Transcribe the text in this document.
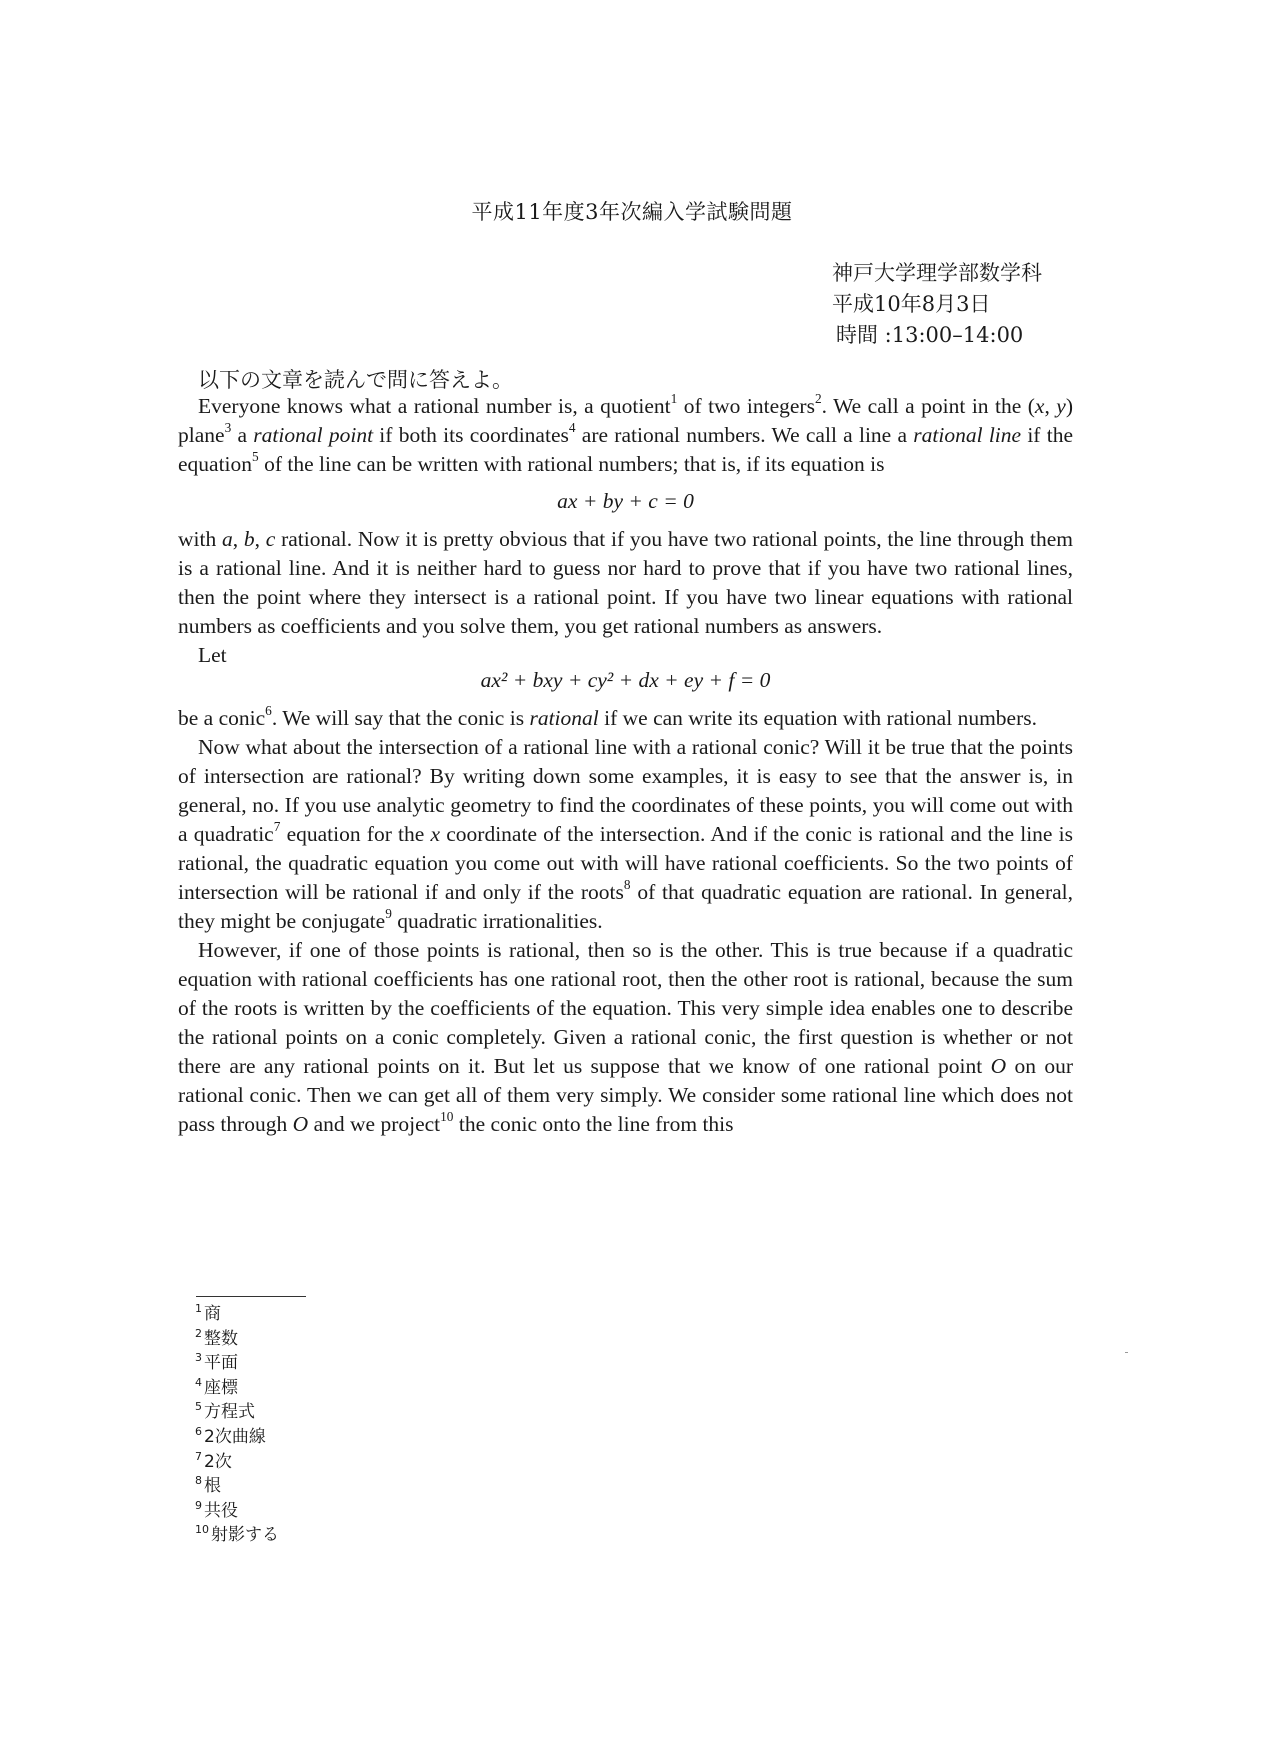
平成11年度3年次編入学試験問題
神戸大学理学部数学科
平成10年8月3日
時間 :13:00–14:00
以下の文章を読んで問に答えよ。

Everyone knows what a rational number is, a quotient$^1$ of two integers$^2$. We call a point in the (x, y) plane$^3$ a rational point if both its coordinates$^4$ are rational numbers. We call a line a rational line if the equation$^5$ of the line can be written with rational numbers; that is, if its equation is

ax + by + c = 0

with a, b, c rational. Now it is pretty obvious that if you have two rational points, the line through them is a rational line. And it is neither hard to guess nor hard to prove that if you have two rational lines, then the point where they intersect is a rational point. If you have two linear equations with rational numbers as coefficients and you solve them, you get rational numbers as answers.

Let

ax² + bxy + cy² + dx + ey + f = 0

be a conic$^6$. We will say that the conic is rational if we can write its equation with rational numbers.

Now what about the intersection of a rational line with a rational conic? Will it be true that the points of intersection are rational? By writing down some examples, it is easy to see that the answer is, in general, no. If you use analytic geometry to find the coordinates of these points, you will come out with a quadratic$^7$ equation for the x coordinate of the intersection. And if the conic is rational and the line is rational, the quadratic equation you come out with will have rational coefficients. So the two points of intersection will be rational if and only if the roots$^8$ of that quadratic equation are rational. In general, they might be conjugate$^9$ quadratic irrationalities.

However, if one of those points is rational, then so is the other. This is true because if a quadratic equation with rational coefficients has one rational root, then the other root is rational, because the sum of the roots is written by the coefficients of the equation. This very simple idea enables one to describe the rational points on a conic completely. Given a rational conic, the first question is whether or not there are any rational points on it. But let us suppose that we know of one rational point O on our rational conic. Then we can get all of them very simply. We consider some rational line which does not pass through O and we project$^{10}$ the conic onto the line from this

$^1$ 商
$^2$ 整数
$^3$ 平面
$^4$ 座標
$^5$ 方程式
$^6$ 2次曲線
$^7$ 2次
$^8$ 根
$^9$ 共役
$^{10}$ 射影する
